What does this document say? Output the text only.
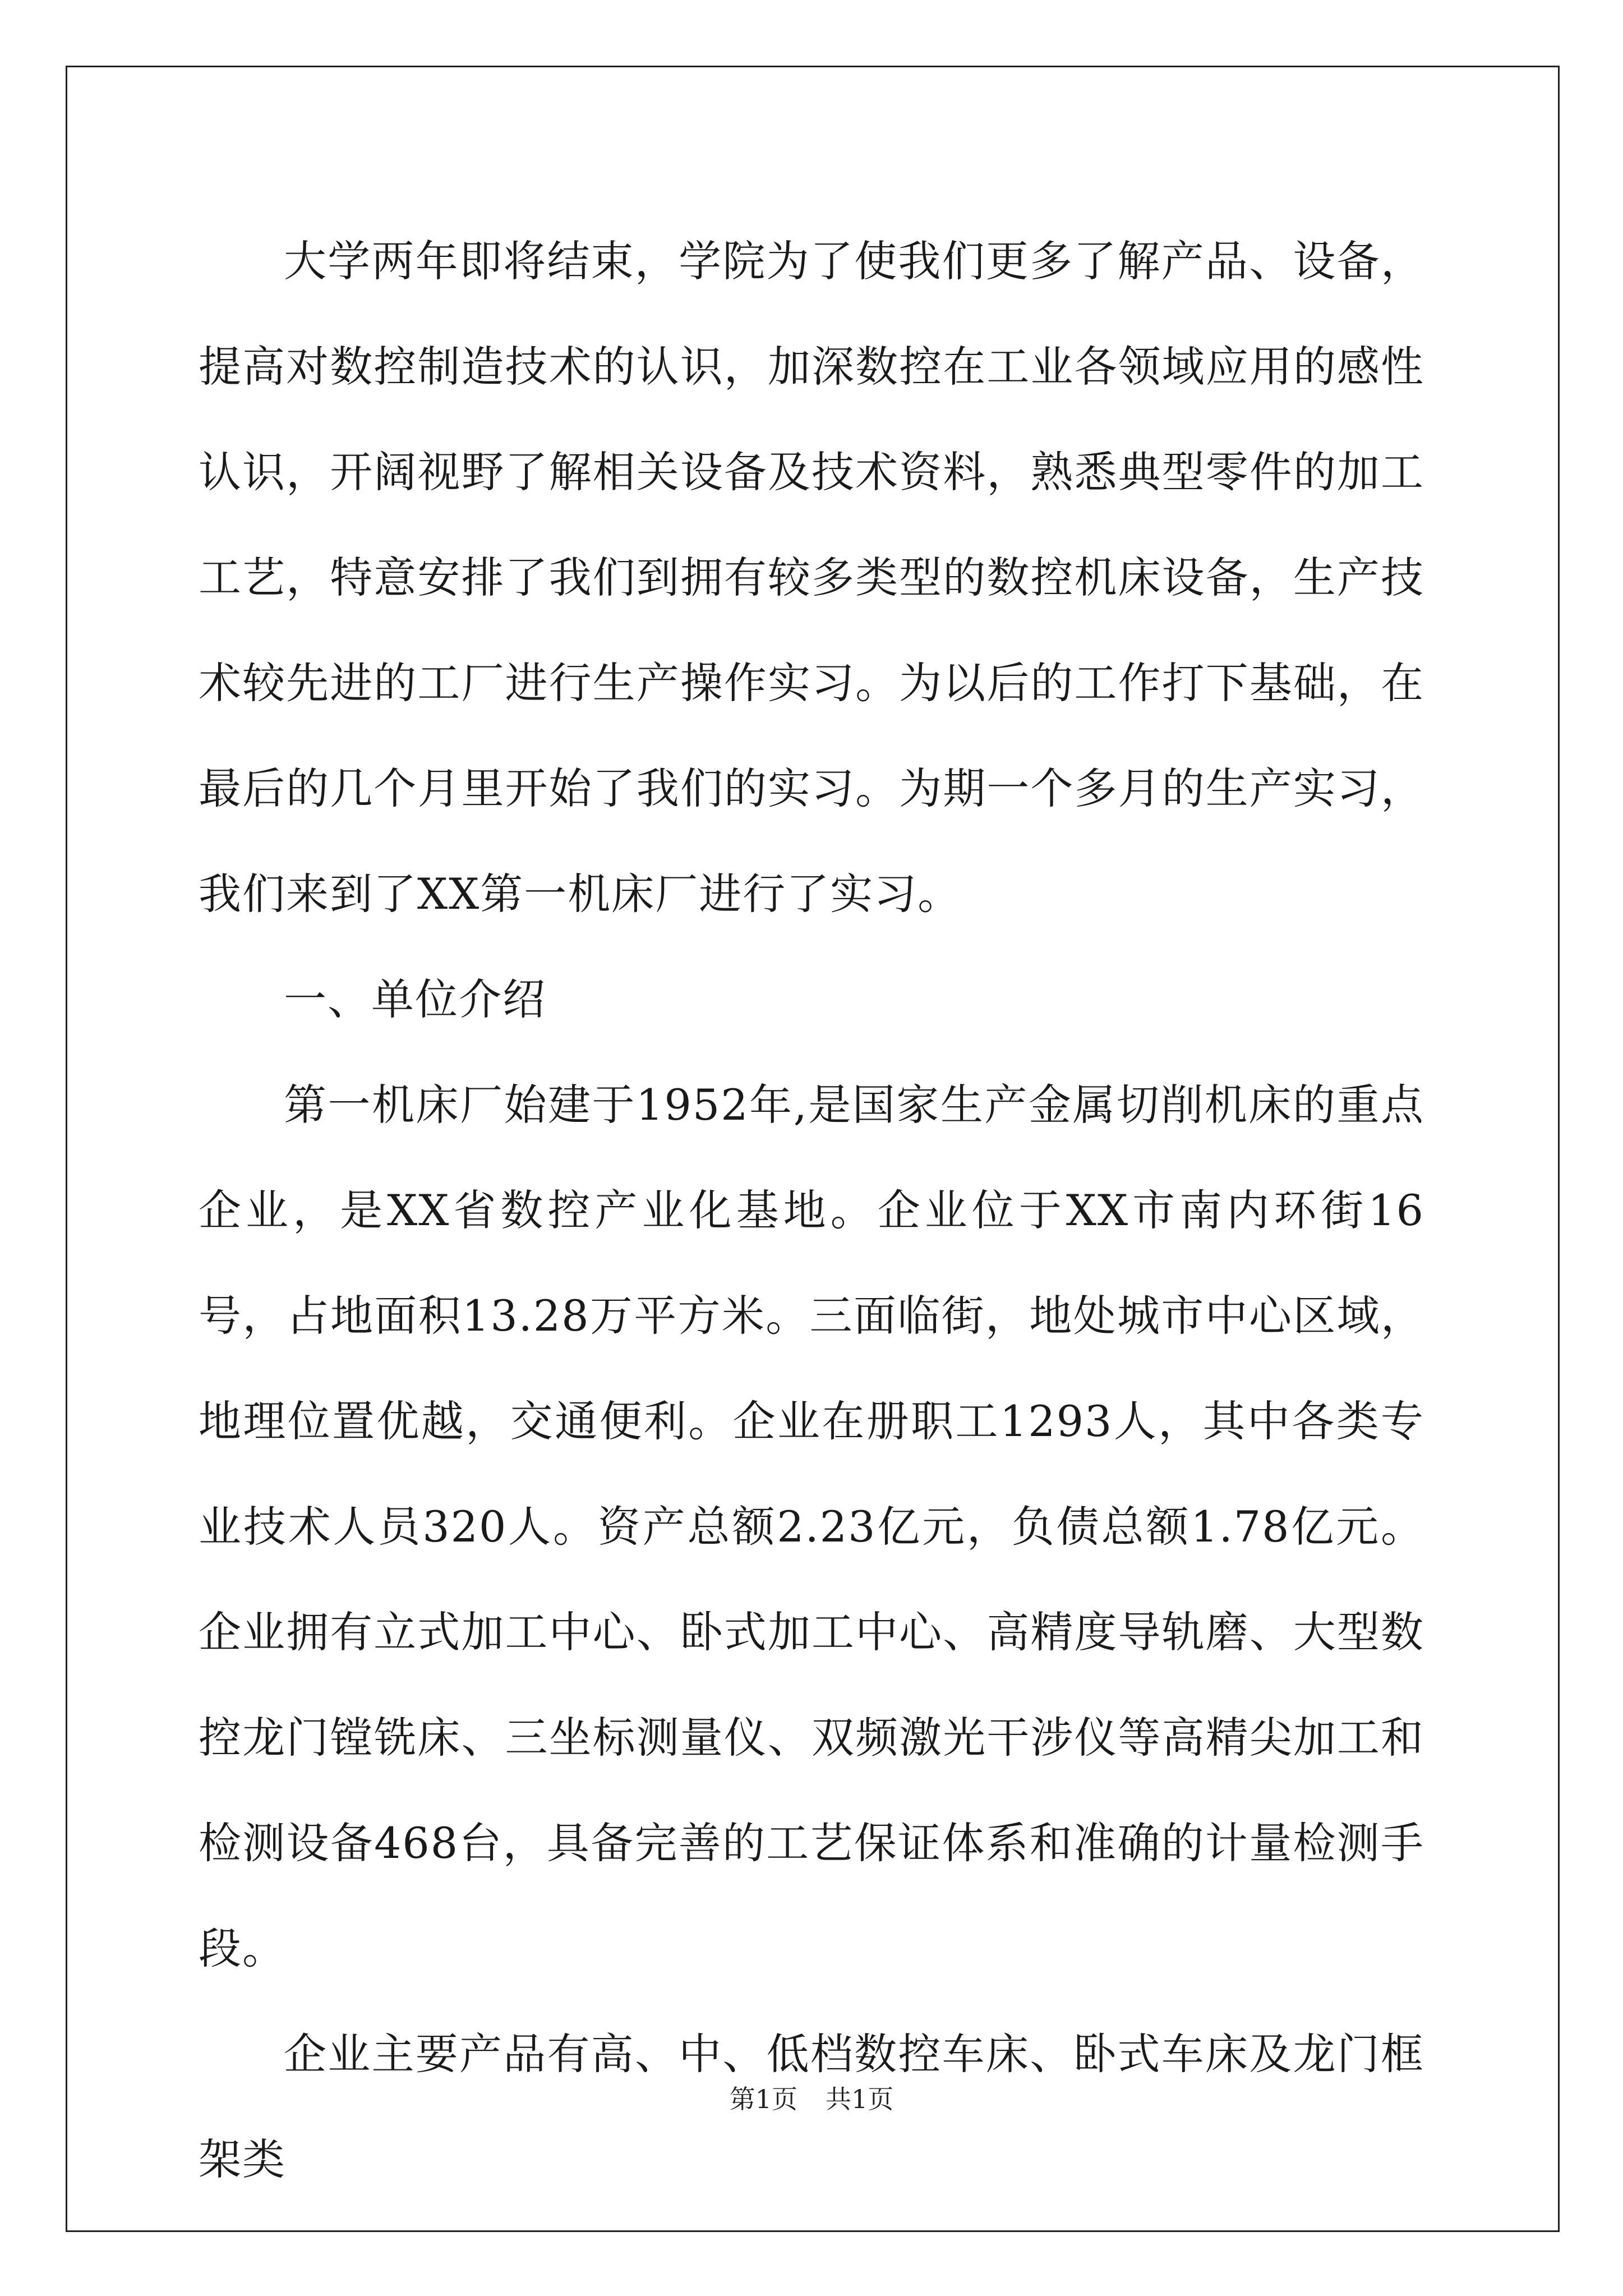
大学两年即将结束，学院为了使我们更多了解产品、设备，提高对数控制造技术的认识，加深数控在工业各领域应用的感性认识，开阔视野了解相关设备及技术资料，熟悉典型零件的加工工艺，特意安排了我们到拥有较多类型的数控机床设备，生产技术较先进的工厂进行生产操作实习。为以后的工作打下基础，在最后的几个月里开始了我们的实习。为期一个多月的生产实习，我们来到了XX第一机床厂进行了实习。

一、单位介绍

第一机床厂始建于1952年,是国家生产金属切削机床的重点企业，是XX省数控产业化基地。企业位于XX市南内环街16号，占地面积13.28万平方米。三面临街，地处城市中心区域，地理位置优越，交通便利。企业在册职工1293人，其中各类专业技术人员320人。资产总额2.23亿元，负债总额1.78亿元。企业拥有立式加工中心、卧式加工中心、高精度导轨磨、大型数控龙门镗铣床、三坐标测量仪、双频激光干涉仪等高精尖加工和检测设备468台，具备完善的工艺保证体系和准确的计量检测手段。

企业主要产品有高、中、低档数控车床、卧式车床及龙门框架类

第1页 共1页
